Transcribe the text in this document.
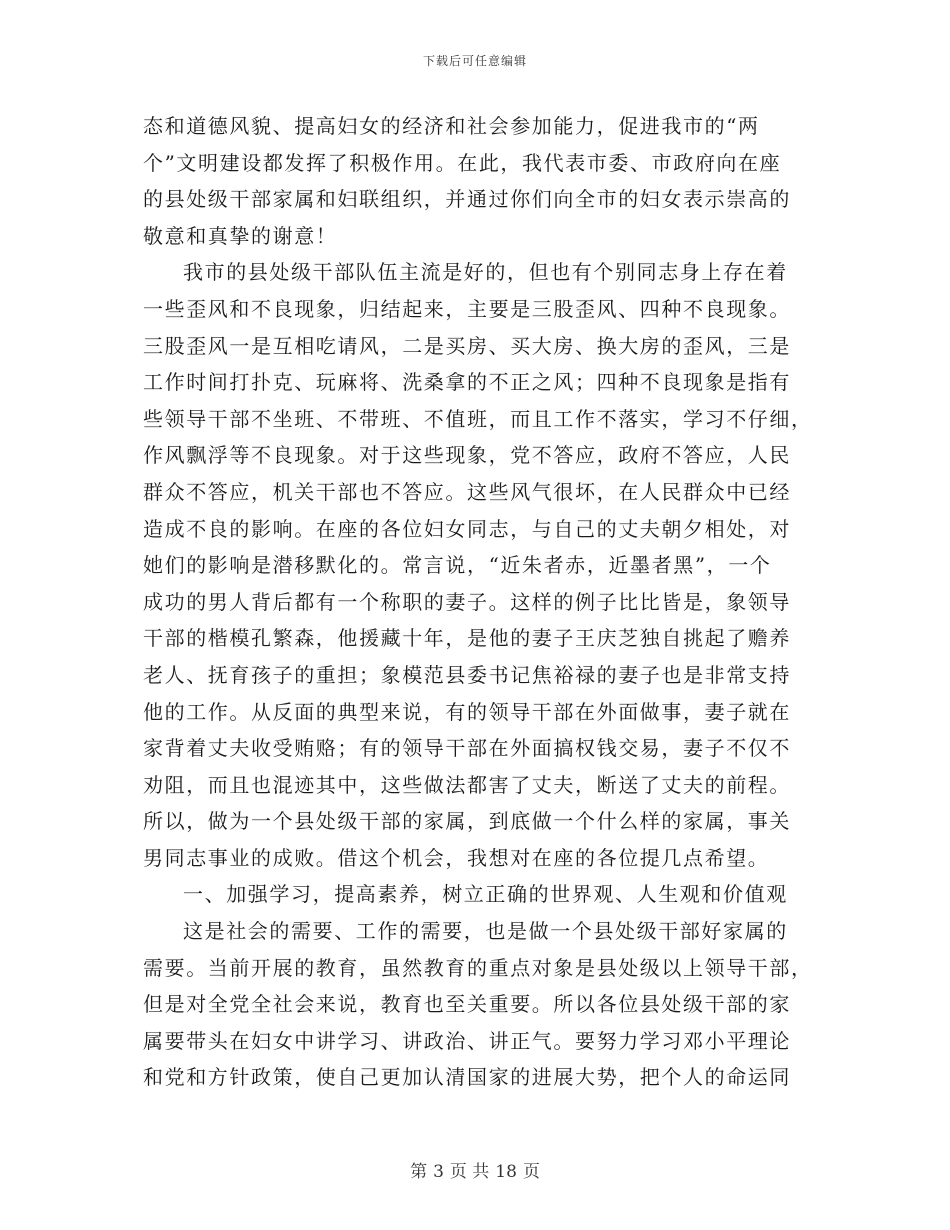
下载后可任意编辑
态和道德风貌、提高妇女的经济和社会参加能力，促进我市的“两
个”文明建设都发挥了积极作用。在此，我代表市委、市政府向在座
的县处级干部家属和妇联组织，并通过你们向全市的妇女表示崇高的
敬意和真挚的谢意！
我市的县处级干部队伍主流是好的，但也有个别同志身上存在着
一些歪风和不良现象，归结起来，主要是三股歪风、四种不良现象。
三股歪风一是互相吃请风，二是买房、买大房、换大房的歪风，三是
工作时间打扑克、玩麻将、洗桑拿的不正之风；四种不良现象是指有
些领导干部不坐班、不带班、不值班，而且工作不落实，学习不仔细，
作风飘浮等不良现象。对于这些现象，党不答应，政府不答应，人民
群众不答应，机关干部也不答应。这些风气很坏，在人民群众中已经
造成不良的影响。在座的各位妇女同志，与自己的丈夫朝夕相处，对
她们的影响是潜移默化的。常言说，“近朱者赤，近墨者黑”，一个
成功的男人背后都有一个称职的妻子。这样的例子比比皆是，象领导
干部的楷模孔繁森，他援藏十年，是他的妻子王庆芝独自挑起了赡养
老人、抚育孩子的重担；象模范县委书记焦裕禄的妻子也是非常支持
他的工作。从反面的典型来说，有的领导干部在外面做事，妻子就在
家背着丈夫收受贿赂；有的领导干部在外面搞权钱交易，妻子不仅不
劝阻，而且也混迹其中，这些做法都害了丈夫，断送了丈夫的前程。
所以，做为一个县处级干部的家属，到底做一个什么样的家属，事关
男同志事业的成败。借这个机会，我想对在座的各位提几点希望。
一、加强学习，提高素养，树立正确的世界观、人生观和价值观
这是社会的需要、工作的需要，也是做一个县处级干部好家属的
需要。当前开展的教育，虽然教育的重点对象是县处级以上领导干部，
但是对全党全社会来说，教育也至关重要。所以各位县处级干部的家
属要带头在妇女中讲学习、讲政治、讲正气。要努力学习邓小平理论
和党和方针政策，使自己更加认清国家的进展大势，把个人的命运同
第 3 页 共 18 页
